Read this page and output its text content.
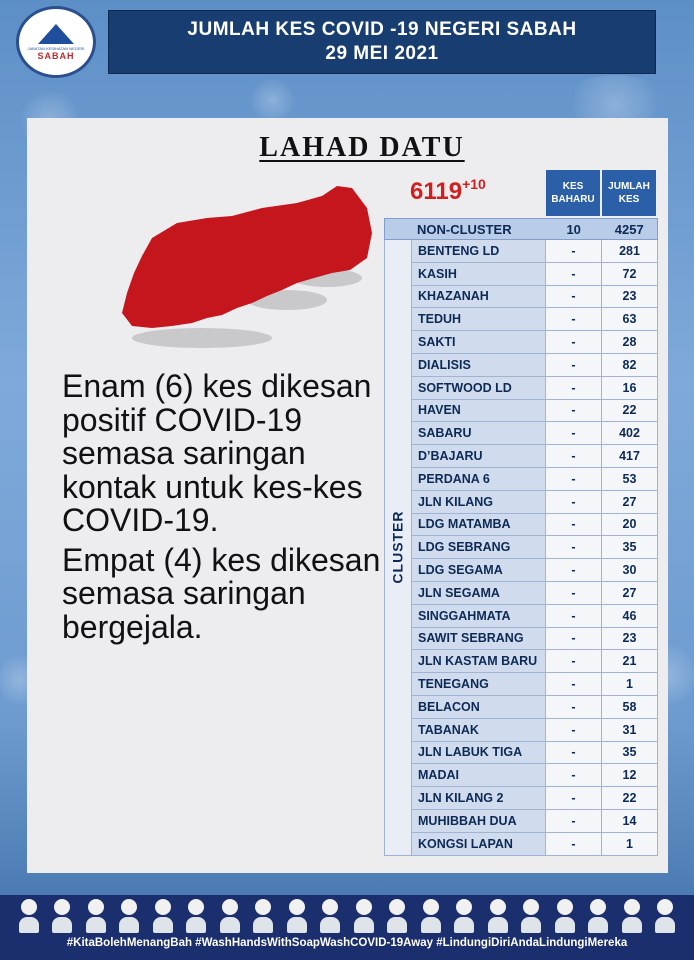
JABATAN KESIHATAN NEGERI
SABAH
JUMLAH KES COVID -19 NEGERI SABAH
29 MEI 2021
LAHAD DATU
$6119^{+10}$

Enam (6) kes dikesan positif COVID-19 semasa saringan kontak untuk kes-kes COVID-19.

Empat (4) kes dikesan semasa saringan bergejala.

KES BAHARU
JUMLAH KES
NON-CLUSTER	10	4257
CLUSTER
BENTENG LD	-	281
KASIH	-	72
KHAZANAH	-	23
TEDUH	-	63
SAKTI	-	28
DIALISIS	-	82
SOFTWOOD LD	-	16
HAVEN	-	22
SABARU	-	402
D’BAJARU	-	417
PERDANA 6	-	53
JLN KILANG	-	27
LDG MATAMBA	-	20
LDG SEBRANG	-	35
LDG SEGAMA	-	30
JLN SEGAMA	-	27
SINGGAHMATA	-	46
SAWIT SEBRANG	-	23
JLN KASTAM BARU	-	21
TENEGANG	-	1
BELACON	-	58
TABANAK	-	31
JLN LABUK TIGA	-	35
MADAI	-	12
JLN KILANG 2	-	22
MUHIBBAH DUA	-	14
KONGSI LAPAN	-	1
#KitaBolehMenangBah #WashHandsWithSoapWashCOVID-19Away #LindungiDiriAndaLindungiMereka
